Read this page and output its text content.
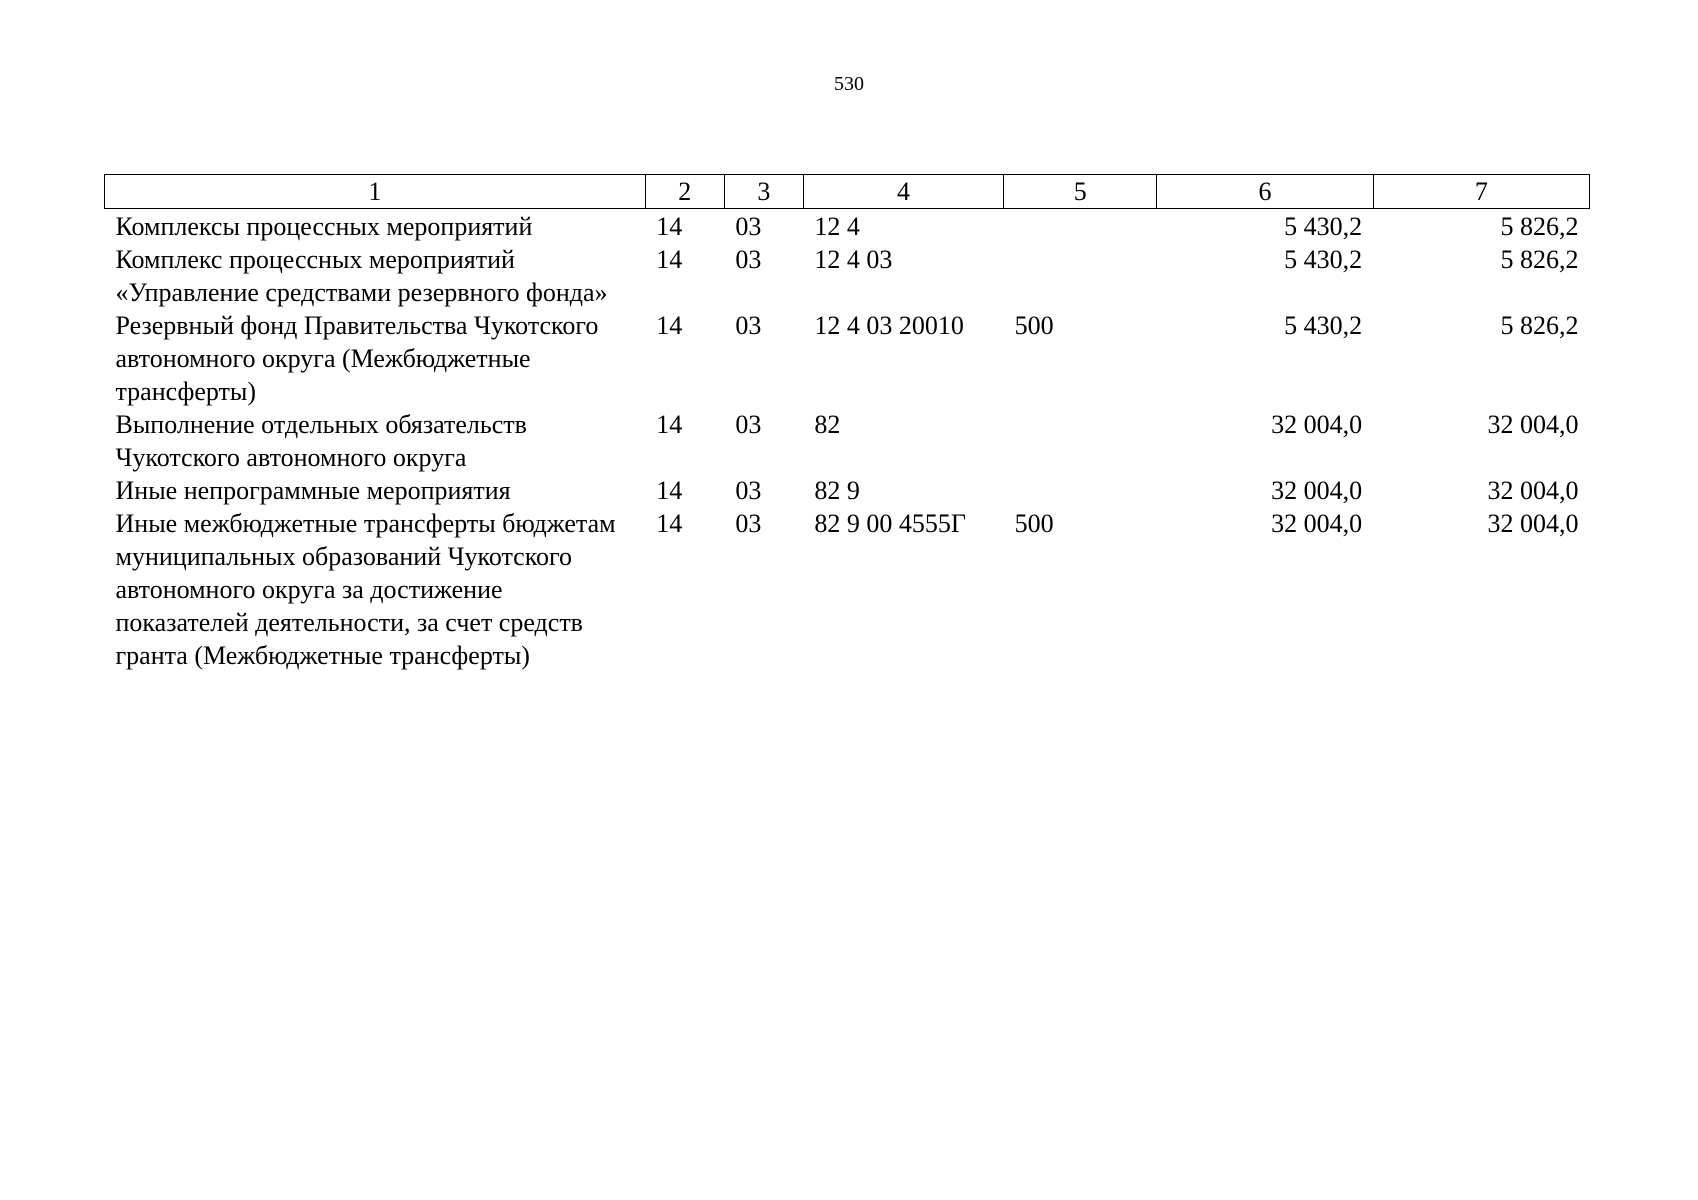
530
1	2	3	4	5	6	7
Комплексы процессных мероприятий	14	03	12 4		5 430,2	5 826,2
Комплекс процессных мероприятий «Управление средствами резервного фонда»	14	03	12 4 03		5 430,2	5 826,2
Резервный фонд Правительства Чукотского автономного округа (Межбюджетные трансферты)	14	03	12 4 03 20010	500	5 430,2	5 826,2
Выполнение отдельных обязательств Чукотского автономного округа	14	03	82		32 004,0	32 004,0
Иные непрограммные мероприятия	14	03	82 9		32 004,0	32 004,0
Иные межбюджетные трансферты бюджетам муниципальных образований Чукотского автономного округа за достижение показателей деятельности, за счет средств гранта (Межбюджетные трансферты)	14	03	82 9 00 4555Г	500	32 004,0	32 004,0
